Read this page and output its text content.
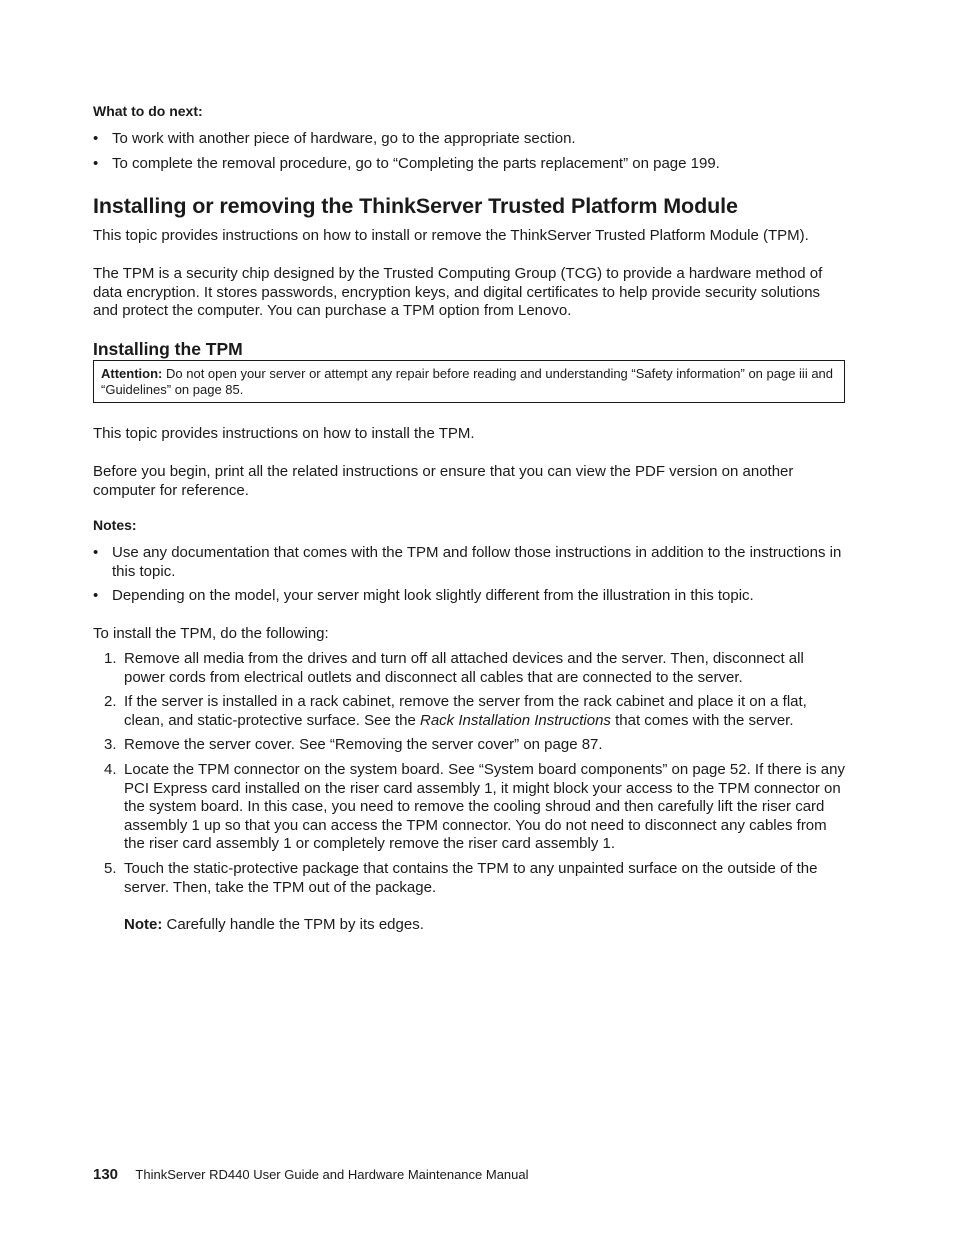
What to do next:
• To work with another piece of hardware, go to the appropriate section.
• To complete the removal procedure, go to “Completing the parts replacement” on page 199.
Installing or removing the ThinkServer Trusted Platform Module

This topic provides instructions on how to install or remove the ThinkServer Trusted Platform Module (TPM).

The TPM is a security chip designed by the Trusted Computing Group (TCG) to provide a hardware method of data encryption. It stores passwords, encryption keys, and digital certificates to help provide security solutions and protect the computer. You can purchase a TPM option from Lenovo.

Installing the TPM
Attention: Do not open your server or attempt any repair before reading and understanding “Safety information” on page iii and “Guidelines” on page 85.

This topic provides instructions on how to install the TPM.

Before you begin, print all the related instructions or ensure that you can view the PDF version on another computer for reference.

Notes:
• Use any documentation that comes with the TPM and follow those instructions in addition to the instructions in this topic.
• Depending on the model, your server might look slightly different from the illustration in this topic.

To install the TPM, do the following:

1. Remove all media from the drives and turn off all attached devices and the server. Then, disconnect all power cords from electrical outlets and disconnect all cables that are connected to the server.
2. If the server is installed in a rack cabinet, remove the server from the rack cabinet and place it on a flat, clean, and static-protective surface. See the Rack Installation Instructions that comes with the server.
3. Remove the server cover. See “Removing the server cover” on page 87.
4. Locate the TPM connector on the system board. See “System board components” on page 52. If there is any PCI Express card installed on the riser card assembly 1, it might block your access to the TPM connector on the system board. In this case, you need to remove the cooling shroud and then carefully lift the riser card assembly 1 up so that you can access the TPM connector. You do not need to disconnect any cables from the riser card assembly 1 or completely remove the riser card assembly 1.
5. Touch the static-protective package that contains the TPM to any unpainted surface on the outside of the server. Then, take the TPM out of the package.
Note: Carefully handle the TPM by its edges.
130 ThinkServer RD440 User Guide and Hardware Maintenance Manual
